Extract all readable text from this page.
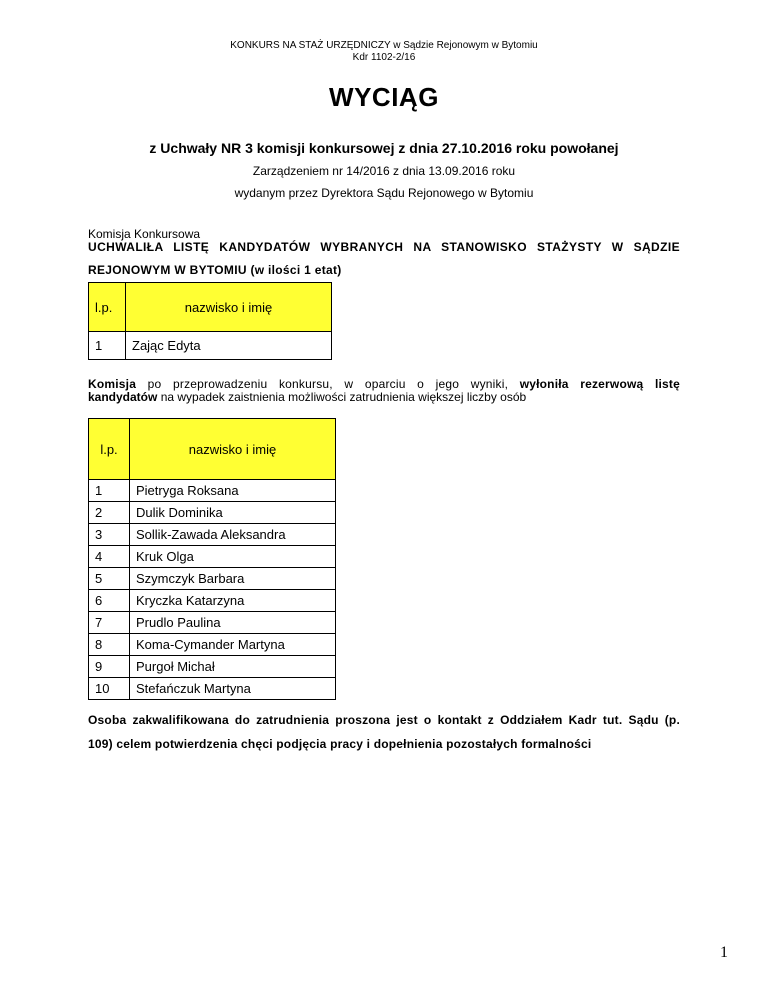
KONKURS NA STAŻ URZĘDNICZY w Sądzie Rejonowym w Bytomiu
Kdr 1102-2/16
WYCIĄG
z Uchwały NR 3 komisji konkursowej z dnia 27.10.2016 roku powołanej
Zarządzeniem nr 14/2016 z dnia 13.09.2016 roku
wydanym przez Dyrektora Sądu Rejonowego w Bytomiu
Komisja Konkursowa
UCHWALIŁA LISTĘ KANDYDATÓW WYBRANYCH NA STANOWISKO STAŻYSTY W SĄDZIE
REJONOWYM W BYTOMIU (w ilości 1 etat)
l.p.	nazwisko i imię
1	Zając Edyta
Komisja po przeprowadzeniu konkursu, w oparciu o jego wyniki, wyłoniła rezerwową listę
kandydatów na wypadek zaistnienia możliwości zatrudnienia większej liczby osób
l.p.	nazwisko i imię
1	Pietryga Roksana
2	Dulik Dominika
3	Sollik-Zawada Aleksandra
4	Kruk Olga
5	Szymczyk Barbara
6	Kryczka Katarzyna
7	Prudlo Paulina
8	Koma-Cymander Martyna
9	Purgoł Michał
10	Stefańczuk Martyna
Osoba zakwalifikowana do zatrudnienia proszona jest o kontakt z Oddziałem Kadr tut. Sądu (p.
109) celem potwierdzenia chęci podjęcia pracy i dopełnienia pozostałych formalności
1
